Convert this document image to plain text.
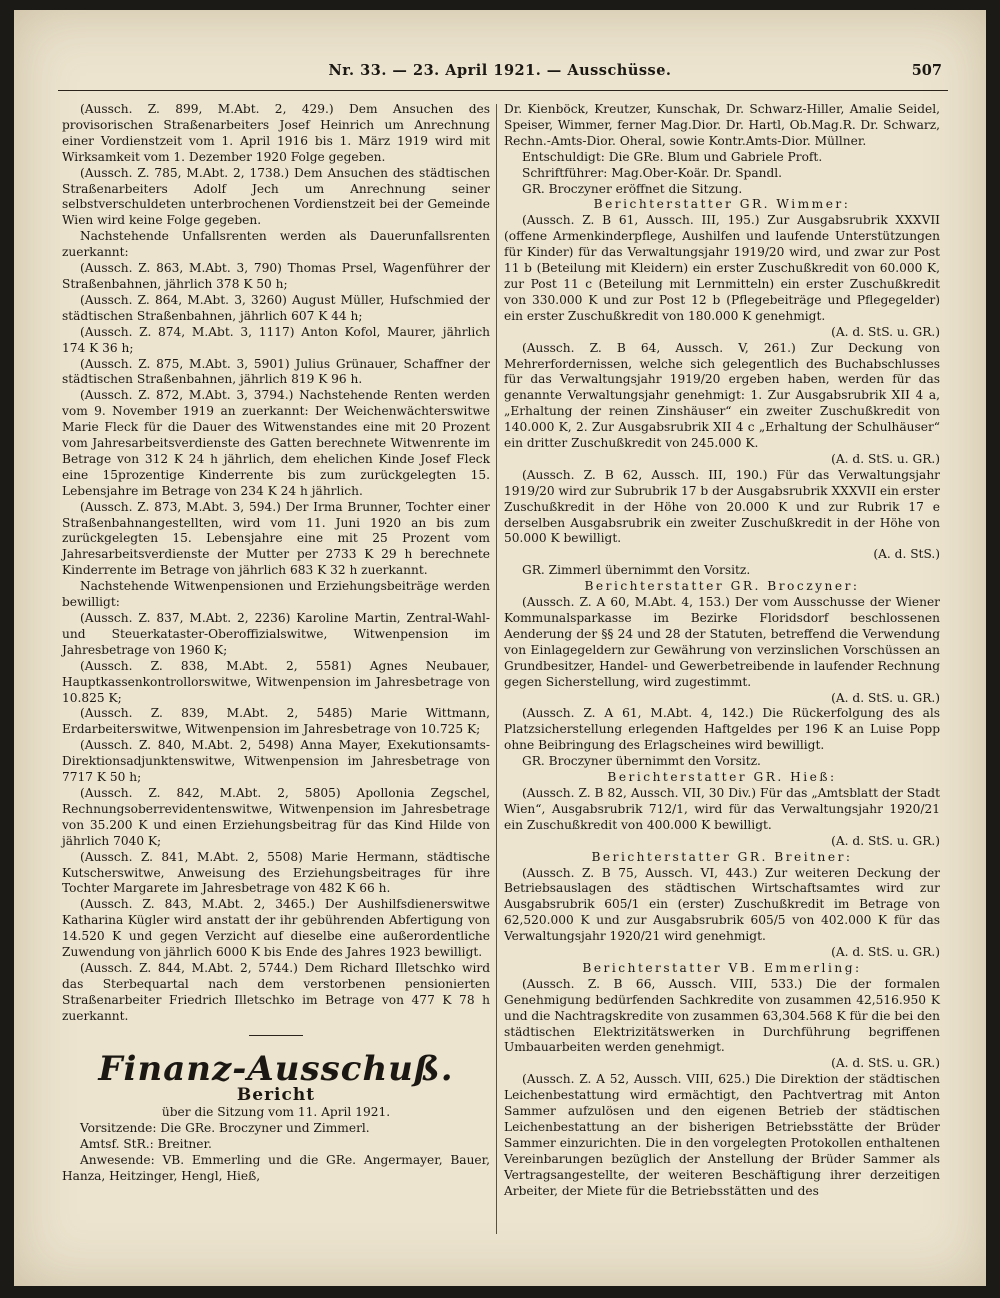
Nr. 33. — 23. April 1921. — Ausschüsse.	507

(Aussch. Z. 899, M.Abt. 2, 429.) Dem Ansuchen des provisorischen Straßenarbeiters Josef Heinrich um Anrechnung einer Vordienstzeit vom 1. April 1916 bis 1. März 1919 wird mit Wirksamkeit vom 1. Dezember 1920 Folge gegeben.

(Aussch. Z. 785, M.Abt. 2, 1738.) Dem Ansuchen des städtischen Straßenarbeiters Adolf Jech um Anrechnung seiner selbstverschuldeten unterbrochenen Vordienstzeit bei der Gemeinde Wien wird keine Folge gegeben.

Nachstehende Unfallsrenten werden als Dauerunfallsrenten zuerkannt:

(Aussch. Z. 863, M.Abt. 3, 790) Thomas Prsel, Wagenführer der Straßenbahnen, jährlich 378 K 50 h;

(Aussch. Z. 864, M.Abt. 3, 3260) August Müller, Hufschmied der städtischen Straßenbahnen, jährlich 607 K 44 h;

(Aussch. Z. 874, M.Abt. 3, 1117) Anton Kofol, Maurer, jährlich 174 K 36 h;

(Aussch. Z. 875, M.Abt. 3, 5901) Julius Grünauer, Schaffner der städtischen Straßenbahnen, jährlich 819 K 96 h.

(Aussch. Z. 872, M.Abt. 3, 3794.) Nachstehende Renten werden vom 9. November 1919 an zuerkannt: Der Weichenwächterswitwe Marie Fleck für die Dauer des Witwenstandes eine mit 20 Prozent vom Jahresarbeitsverdienste des Gatten berechnete Witwenrente im Betrage von 312 K 24 h jährlich, dem ehelichen Kinde Josef Fleck eine 15prozentige Kinderrente bis zum zurückgelegten 15. Lebensjahre im Betrage von 234 K 24 h jährlich.

(Aussch. Z. 873, M.Abt. 3, 594.) Der Irma Brunner, Tochter einer Straßenbahnangestellten, wird vom 11. Juni 1920 an bis zum zurückgelegten 15. Lebensjahre eine mit 25 Prozent vom Jahresarbeitsverdienste der Mutter per 2733 K 29 h berechnete Kinderrente im Betrage von jährlich 683 K 32 h zuerkannt.

Nachstehende Witwenpensionen und Erziehungsbeiträge werden bewilligt:

(Aussch. Z. 837, M.Abt. 2, 2236) Karoline Martin, Zentral-Wahl- und Steuerkataster-Oberoffizialswitwe, Witwenpension im Jahresbetrage von 1960 K;

(Aussch. Z. 838, M.Abt. 2, 5581) Agnes Neubauer, Hauptkassenkontrollorswitwe, Witwenpension im Jahresbetrage von 10.825 K;

(Aussch. Z. 839, M.Abt. 2, 5485) Marie Wittmann, Erdarbeiterswitwe, Witwenpension im Jahresbetrage von 10.725 K;

(Aussch. Z. 840, M.Abt. 2, 5498) Anna Mayer, Exekutionsamts-Direktionsadjunktenswitwe, Witwenpension im Jahresbetrage von 7717 K 50 h;

(Aussch. Z. 842, M.Abt. 2, 5805) Apollonia Zegschel, Rechnungsoberrevidentenswitwe, Witwenpension im Jahresbetrage von 35.200 K und einen Erziehungsbeitrag für das Kind Hilde von jährlich 7040 K;

(Aussch. Z. 841, M.Abt. 2, 5508) Marie Hermann, städtische Kutscherswitwe, Anweisung des Erziehungsbeitrages für ihre Tochter Margarete im Jahresbetrage von 482 K 66 h.

(Aussch. Z. 843, M.Abt. 2, 3465.) Der Aushilfsdienerswitwe Katharina Kügler wird anstatt der ihr gebührenden Abfertigung von 14.520 K und gegen Verzicht auf dieselbe eine außerordentliche Zuwendung von jährlich 6000 K bis Ende des Jahres 1923 bewilligt.

(Aussch. Z. 844, M.Abt. 2, 5744.) Dem Richard Illetschko wird das Sterbequartal nach dem verstorbenen pensionierten Straßenarbeiter Friedrich Illetschko im Betrage von 477 K 78 h zuerkannt.

Finanz-Ausschuß.
Bericht

über die Sitzung vom 11. April 1921.

Vorsitzende: Die GRe. Broczyner und Zimmerl.

Amtsf. StR.: Breitner.

Anwesende: VB. Emmerling und die GRe. Angermayer, Bauer, Hanza, Heitzinger, Hengl, Hieß,

Dr. Kienböck, Kreutzer, Kunschak, Dr. Schwarz-Hiller, Amalie Seidel, Speiser, Wimmer, ferner Mag.Dior. Dr. Hartl, Ob.Mag.R. Dr. Schwarz, Rechn.-Amts-Dior. Oheral, sowie Kontr.Amts-Dior. Müllner.

Entschuldigt: Die GRe. Blum und Gabriele Proft.

Schriftführer: Mag.Ober-Koär. Dr. Spandl.

GR. Broczyner eröffnet die Sitzung.

Berichterstatter GR. Wimmer:

(Aussch. Z. B 61, Aussch. III, 195.) Zur Ausgabsrubrik XXXVII (offene Armenkinderpflege, Aushilfen und laufende Unterstützungen für Kinder) für das Verwaltungsjahr 1919/20 wird, und zwar zur Post 11 b (Beteilung mit Kleidern) ein erster Zuschußkredit von 60.000 K, zur Post 11 c (Beteilung mit Lernmitteln) ein erster Zuschußkredit von 330.000 K und zur Post 12 b (Pflegebeiträge und Pflegegelder) ein erster Zuschußkredit von 180.000 K genehmigt.

(A. d. StS. u. GR.)

(Aussch. Z. B 64, Aussch. V, 261.) Zur Deckung von Mehrerfordernissen, welche sich gelegentlich des Buchabschlusses für das Verwaltungsjahr 1919/20 ergeben haben, werden für das genannte Verwaltungsjahr genehmigt: 1. Zur Ausgabsrubrik XII 4 a, „Erhaltung der reinen Zinshäuser“ ein zweiter Zuschußkredit von 140.000 K, 2. Zur Ausgabsrubrik XII 4 c „Erhaltung der Schulhäuser“ ein dritter Zuschußkredit von 245.000 K.

(A. d. StS. u. GR.)

(Aussch. Z. B 62, Aussch. III, 190.) Für das Verwaltungsjahr 1919/20 wird zur Subrubrik 17 b der Ausgabsrubrik XXXVII ein erster Zuschußkredit in der Höhe von 20.000 K und zur Rubrik 17 e derselben Ausgabsrubrik ein zweiter Zuschußkredit in der Höhe von 50.000 K bewilligt.

(A. d. StS.)

GR. Zimmerl übernimmt den Vorsitz.

Berichterstatter GR. Broczyner:

(Aussch. Z. A 60, M.Abt. 4, 153.) Der vom Ausschusse der Wiener Kommunalsparkasse im Bezirke Floridsdorf beschlossenen Aenderung der §§ 24 und 28 der Statuten, betreffend die Verwendung von Einlagegeldern zur Gewährung von verzinslichen Vorschüssen an Grundbesitzer, Handel- und Gewerbetreibende in laufender Rechnung gegen Sicherstellung, wird zugestimmt.

(A. d. StS. u. GR.)

(Aussch. Z. A 61, M.Abt. 4, 142.) Die Rückerfolgung des als Platzsicherstellung erlegenden Haftgeldes per 196 K an Luise Popp ohne Beibringung des Erlagscheines wird bewilligt.

GR. Broczyner übernimmt den Vorsitz.

Berichterstatter GR. Hieß:

(Aussch. Z. B 82, Aussch. VII, 30 Div.) Für das „Amtsblatt der Stadt Wien“, Ausgabsrubrik 712/1, wird für das Verwaltungsjahr 1920/21 ein Zuschußkredit von 400.000 K bewilligt.

(A. d. StS. u. GR.)

Berichterstatter GR. Breitner:

(Aussch. Z. B 75, Aussch. VI, 443.) Zur weiteren Deckung der Betriebsauslagen des städtischen Wirtschaftsamtes wird zur Ausgabsrubrik 605/1 ein (erster) Zuschußkredit im Betrage von 62,520.000 K und zur Ausgabsrubrik 605/5 von 402.000 K für das Verwaltungsjahr 1920/21 wird genehmigt.

(A. d. StS. u. GR.)

Berichterstatter VB. Emmerling:

(Aussch. Z. B 66, Aussch. VIII, 533.) Die der formalen Genehmigung bedürfenden Sachkredite von zusammen 42,516.950 K und die Nachtragskredite von zusammen 63,304.568 K für die bei den städtischen Elektrizitätswerken in Durchführung begriffenen Umbauarbeiten werden genehmigt.

(A. d. StS. u. GR.)

(Aussch. Z. A 52, Aussch. VIII, 625.) Die Direktion der städtischen Leichenbestattung wird ermächtigt, den Pachtvertrag mit Anton Sammer aufzulösen und den eigenen Betrieb der städtischen Leichenbestattung an der bisherigen Betriebsstätte der Brüder Sammer einzurichten. Die in den vorgelegten Protokollen enthaltenen Vereinbarungen bezüglich der Anstellung der Brüder Sammer als Vertragsangestellte, der weiteren Beschäftigung ihrer derzeitigen Arbeiter, der Miete für die Betriebsstätten und des
